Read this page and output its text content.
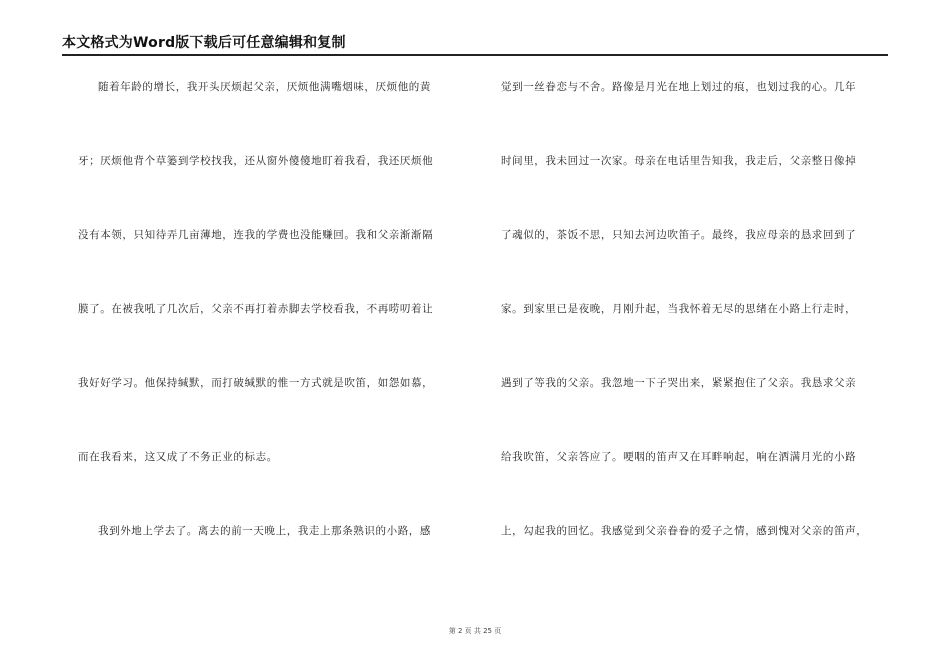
本文格式为Word版下载后可任意编辑和复制
随着年龄的增长，我开头厌烦起父亲，厌烦他满嘴烟味，厌烦他的黄
牙；厌烦他背个草篓到学校找我，还从窗外傻傻地盯着我看，我还厌烦他
没有本领，只知待弄几亩薄地，连我的学费也没能赚回。我和父亲渐渐隔
膜了。在被我吼了几次后，父亲不再打着赤脚去学校看我，不再唠叨着让
我好好学习。他保持缄默，而打破缄默的惟一方式就是吹笛，如怨如慕，
而在我看来，这又成了不务正业的标志。
我到外地上学去了。离去的前一天晚上，我走上那条熟识的小路，感
觉到一丝眷恋与不舍。路像是月光在地上划过的痕，也划过我的心。几年
时间里，我未回过一次家。母亲在电话里告知我，我走后，父亲整日像掉
了魂似的，茶饭不思，只知去河边吹笛子。最终，我应母亲的恳求回到了
家。到家里已是夜晚，月刚升起，当我怀着无尽的思绪在小路上行走时，
遇到了等我的父亲。我忽地一下子哭出来，紧紧抱住了父亲。我恳求父亲
给我吹笛，父亲答应了。哽咽的笛声又在耳畔响起，响在洒满月光的小路
上，勾起我的回忆。我感觉到父亲眷眷的爱子之情，感到愧对父亲的笛声，
第 2 页 共 25 页
